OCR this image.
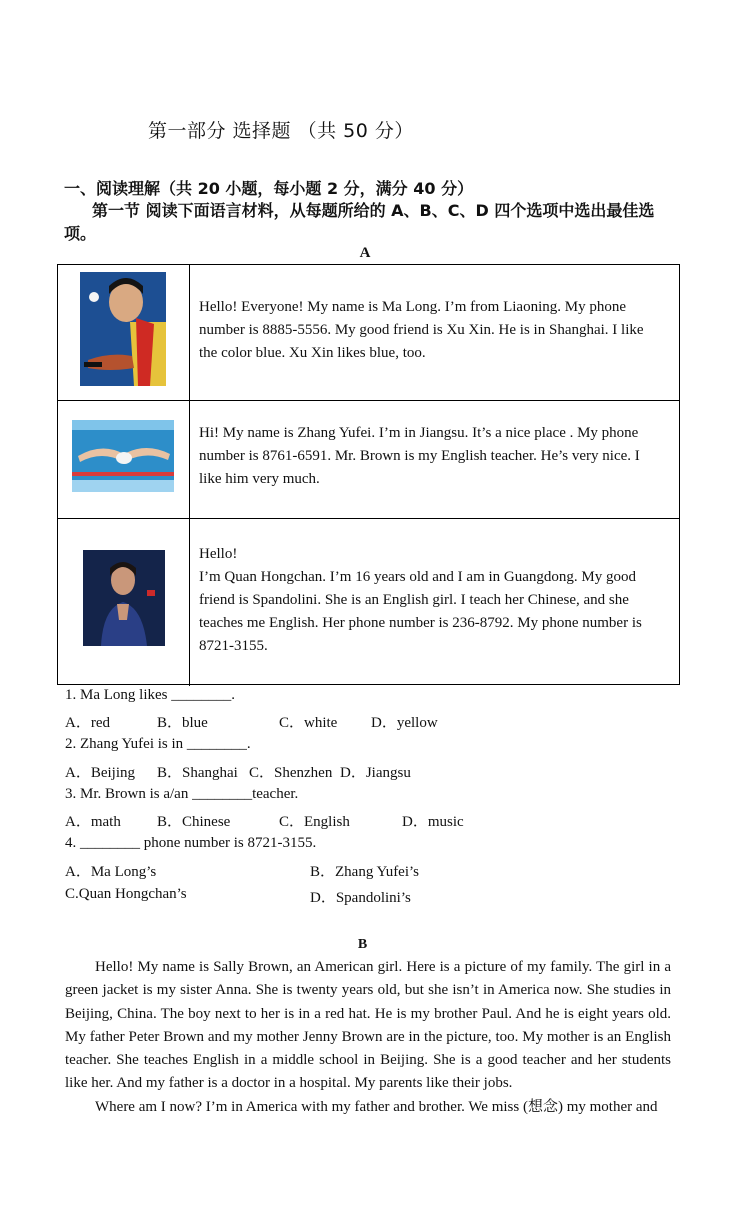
第一部分 选择题 （共 50 分）
一、阅读理解（共 20 小题，每小题 2 分，满分 40 分）
第一节 阅读下面语言材料，从每题所给的 A、B、C、D 四个选项中选出最佳选项。
A
Hello! Everyone! My name is Ma Long. I’m from Liaoning. My phone number is 8885-5556. My good friend is Xu Xin. He is in Shanghai. I like the color blue. Xu Xin likes blue, too.
Hi! My name is Zhang Yufei. I’m in Jiangsu. It’s a nice place . My phone number is 8761-6591. Mr. Brown is my English teacher. He’s very nice. I like him very much.
Hello!
I’m Quan Hongchan. I’m 16 years old and I am in Guangdong. My good friend is Spandolini. She is an English girl. I teach her Chinese, and she teaches me English. Her phone number is 236-8792. My phone number is 8721-3155.
1. Ma Long likes ________.
A．red	B．blue	C．white D．yellow
2. Zhang Yufei is in ________.
A．Beijing B．Shanghai C．Shenzhen D．Jiangsu
3. Mr. Brown is a/an ________teacher.
A．math B．Chinese	C．English	D．music
4. ________ phone number is 8721-3155.
A．Ma Long’s	B．Zhang Yufei’s
C.Quan Hongchan’s	D．Spandolini’s
B

Hello! My name is Sally Brown, an American girl. Here is a picture of my family. The girl in a green jacket is my sister Anna. She is twenty years old, but she isn’t in America now. She studies in Beijing, China. The boy next to her is in a red hat. He is my brother Paul. And he is eight years old. My father Peter Brown and my mother Jenny Brown are in the picture, too. My mother is an English teacher. She teaches English in a middle school in Beijing. She is a good teacher and her students like her. And my father is a doctor in a hospital. My parents like their jobs.

Where am I now? I’m in America with my father and brother. We miss (想念) my mother and
